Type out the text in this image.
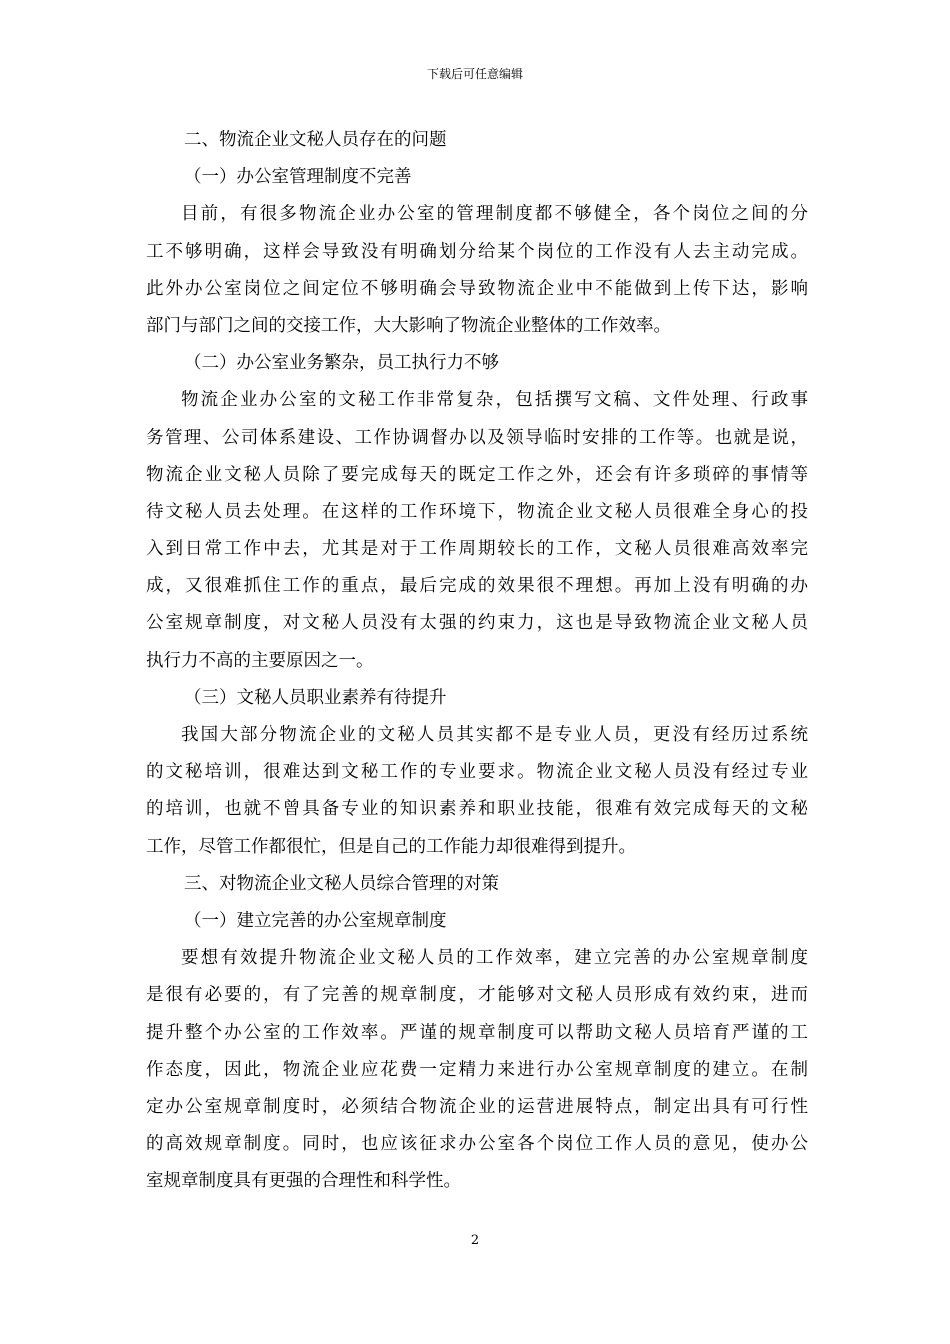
下载后可任意编辑
二、物流企业文秘人员存在的问题
（一）办公室管理制度不完善
目前，有很多物流企业办公室的管理制度都不够健全，各个岗位之间的分
工不够明确，这样会导致没有明确划分给某个岗位的工作没有人去主动完成。
此外办公室岗位之间定位不够明确会导致物流企业中不能做到上传下达，影响
部门与部门之间的交接工作，大大影响了物流企业整体的工作效率。
（二）办公室业务繁杂，员工执行力不够
物流企业办公室的文秘工作非常复杂，包括撰写文稿、文件处理、行政事
务管理、公司体系建设、工作协调督办以及领导临时安排的工作等。也就是说，
物流企业文秘人员除了要完成每天的既定工作之外，还会有许多琐碎的事情等
待文秘人员去处理。在这样的工作环境下，物流企业文秘人员很难全身心的投
入到日常工作中去，尤其是对于工作周期较长的工作，文秘人员很难高效率完
成，又很难抓住工作的重点，最后完成的效果很不理想。再加上没有明确的办
公室规章制度，对文秘人员没有太强的约束力，这也是导致物流企业文秘人员
执行力不高的主要原因之一。
（三）文秘人员职业素养有待提升
我国大部分物流企业的文秘人员其实都不是专业人员，更没有经历过系统
的文秘培训，很难达到文秘工作的专业要求。物流企业文秘人员没有经过专业
的培训，也就不曾具备专业的知识素养和职业技能，很难有效完成每天的文秘
工作，尽管工作都很忙，但是自己的工作能力却很难得到提升。
三、对物流企业文秘人员综合管理的对策
（一）建立完善的办公室规章制度
要想有效提升物流企业文秘人员的工作效率，建立完善的办公室规章制度
是很有必要的，有了完善的规章制度，才能够对文秘人员形成有效约束，进而
提升整个办公室的工作效率。严谨的规章制度可以帮助文秘人员培育严谨的工
作态度，因此，物流企业应花费一定精力来进行办公室规章制度的建立。在制
定办公室规章制度时，必须结合物流企业的运营进展特点，制定出具有可行性
的高效规章制度。同时，也应该征求办公室各个岗位工作人员的意见，使办公
室规章制度具有更强的合理性和科学性。
2
